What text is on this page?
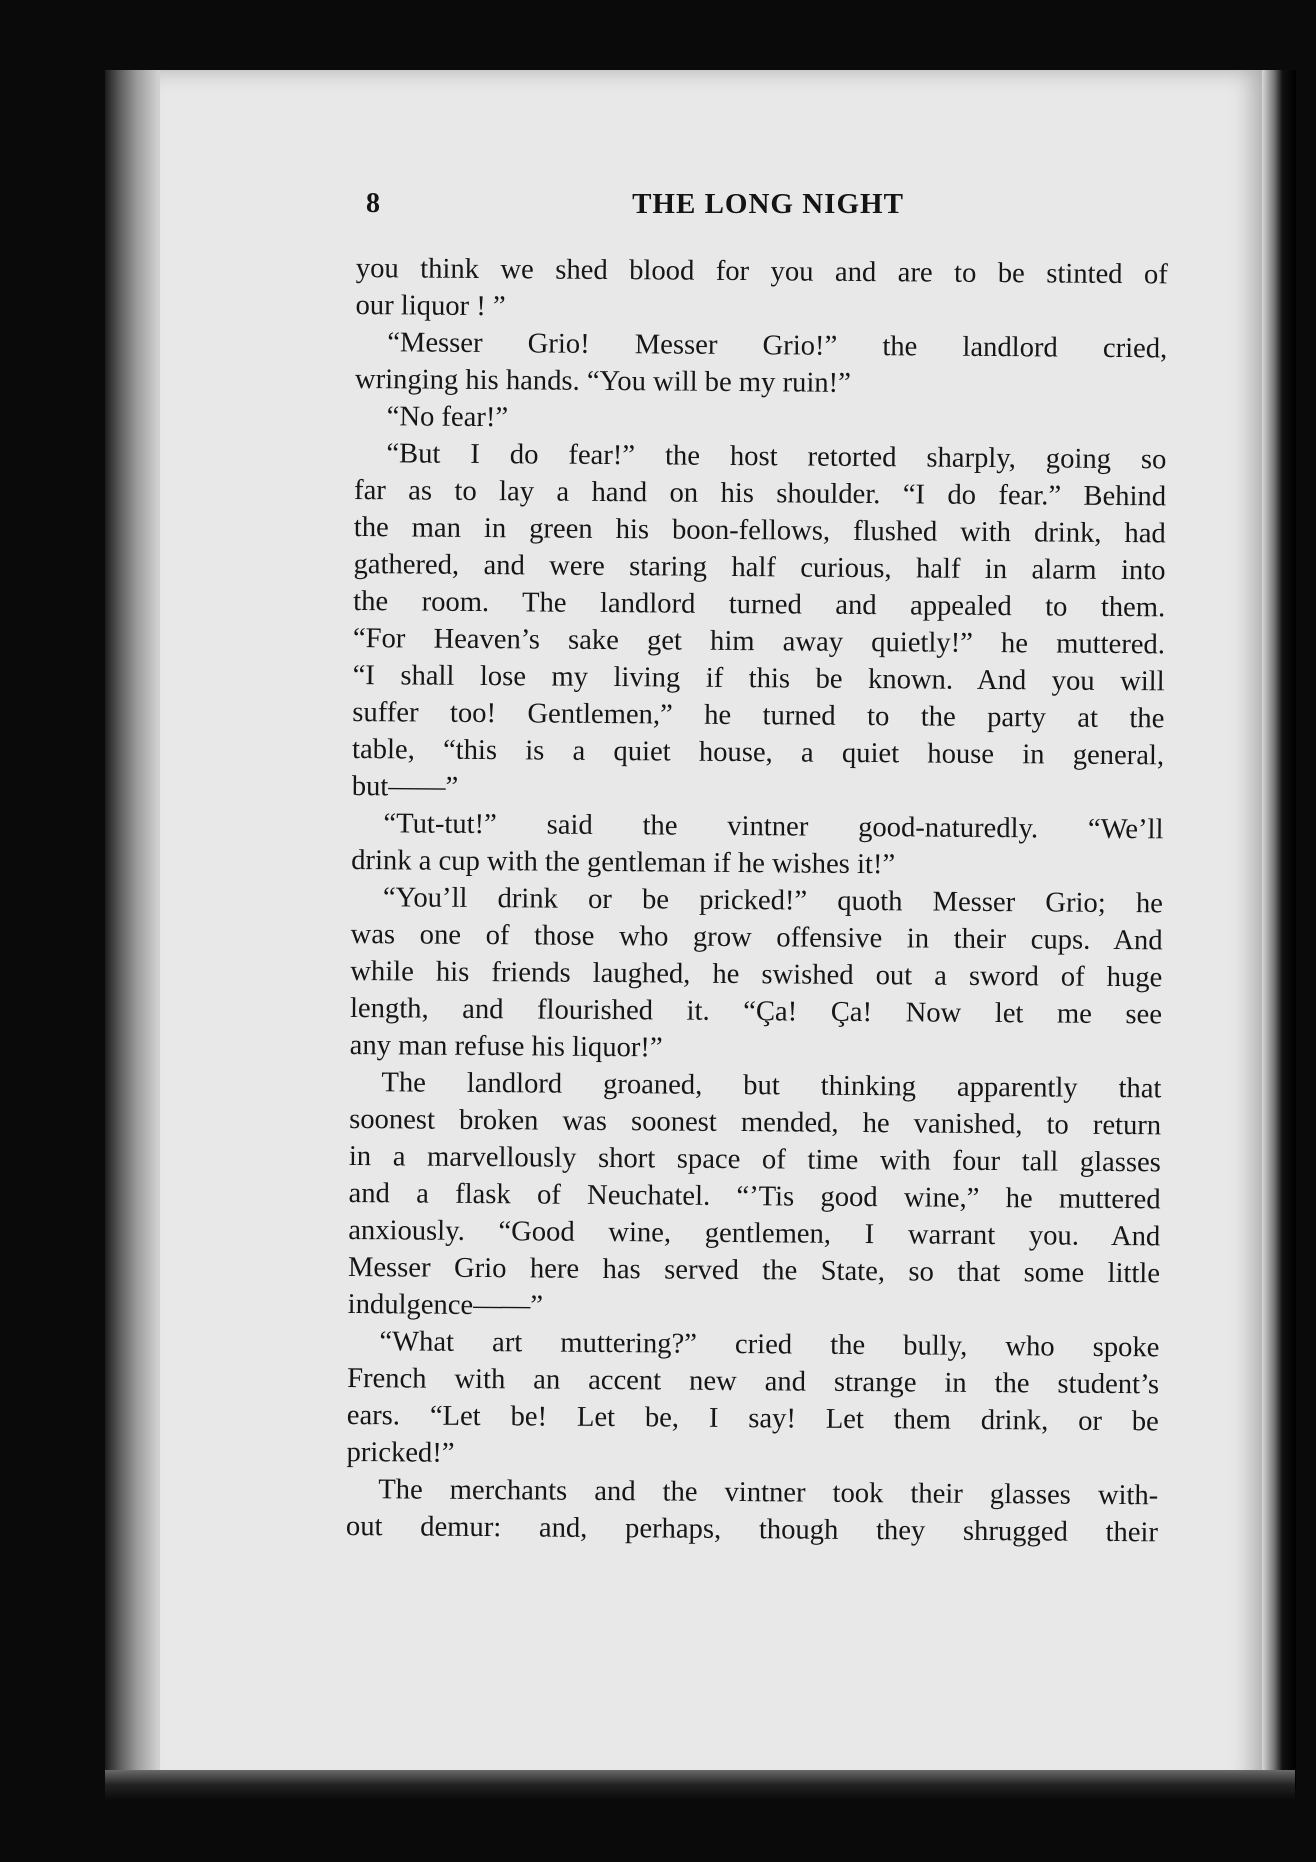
8	THE LONG NIGHT
you think we shed blood for you and are to be stinted of
our liquor ! ”
“Messer Grio! Messer Grio!” the landlord cried,
wringing his hands. “You will be my ruin!”
“No fear!”
“But I do fear!” the host retorted sharply, going so
far as to lay a hand on his shoulder. “I do fear.” Behind
the man in green his boon-fellows, flushed with drink, had
gathered, and were staring half curious, half in alarm into
the room. The landlord turned and appealed to them.
“For Heaven’s sake get him away quietly!” he muttered.
“I shall lose my living if this be known. And you will
suffer too! Gentlemen,” he turned to the party at the
table, “this is a quiet house, a quiet house in general,
but——”
“Tut-tut!” said the vintner good-naturedly. “We’ll
drink a cup with the gentleman if he wishes it!”
“You’ll drink or be pricked!” quoth Messer Grio; he
was one of those who grow offensive in their cups. And
while his friends laughed, he swished out a sword of huge
length, and flourished it. “Ça! Ça! Now let me see
any man refuse his liquor!”
The landlord groaned, but thinking apparently that
soonest broken was soonest mended, he vanished, to return
in a marvellously short space of time with four tall glasses
and a flask of Neuchatel. “’Tis good wine,” he muttered
anxiously. “Good wine, gentlemen, I warrant you. And
Messer Grio here has served the State, so that some little
indulgence——”
“What art muttering?” cried the bully, who spoke
French with an accent new and strange in the student’s
ears. “Let be! Let be, I say! Let them drink, or be
pricked!”
The merchants and the vintner took their glasses with-
out demur: and, perhaps, though they shrugged their
